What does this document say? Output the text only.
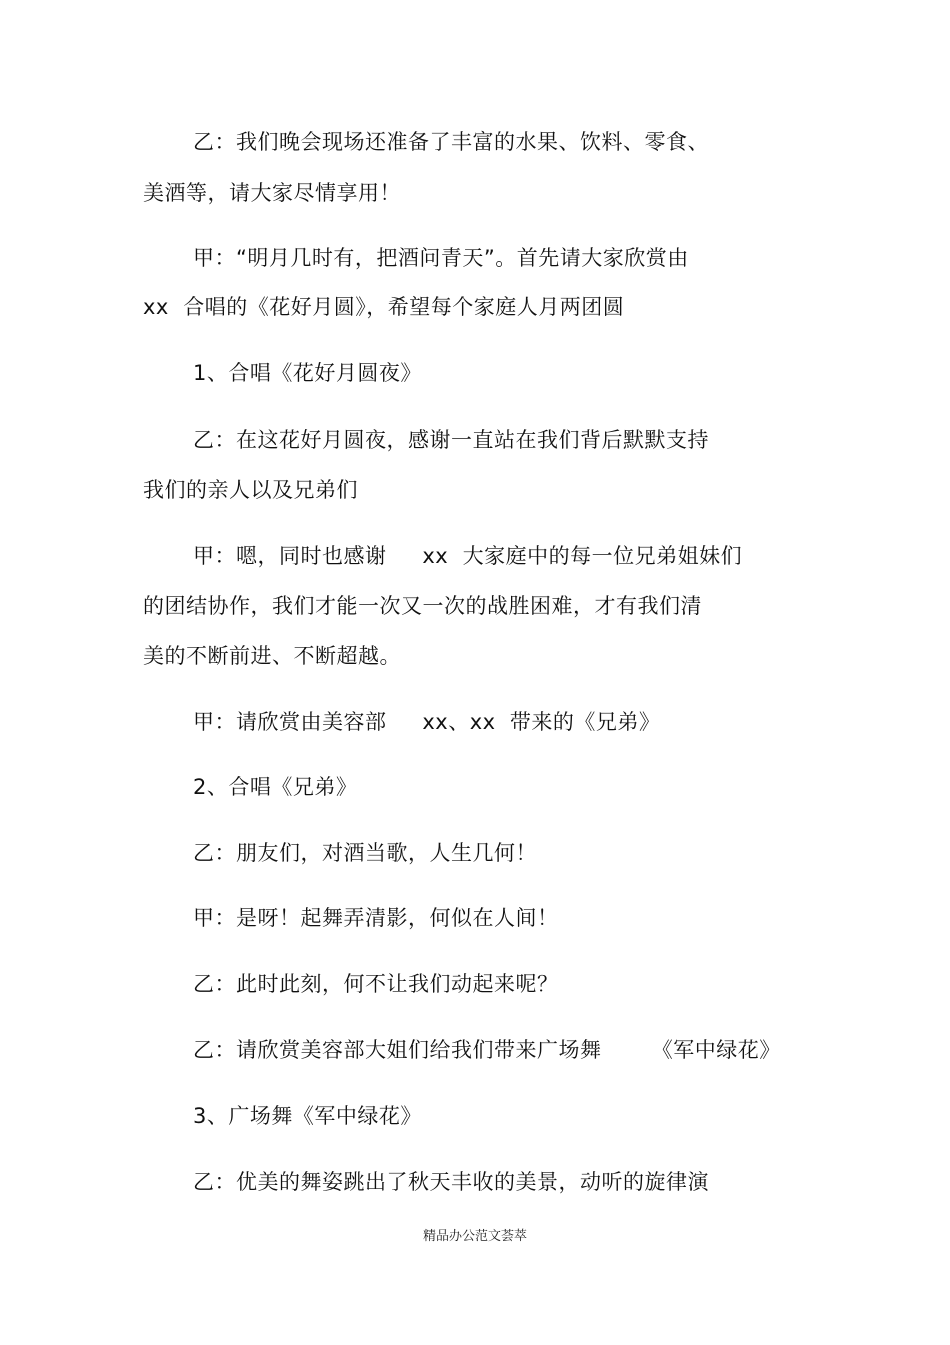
乙：我们晚会现场还准备了丰富的水果、饮料、零食、
美酒等，请大家尽情享用！
甲：“明月几时有，把酒问青天”。首先请大家欣赏由
xx  合唱的《花好月圆》，希望每个家庭人月两团圆
1、合唱《花好月圆夜》
乙：在这花好月圆夜，感谢一直站在我们背后默默支持
我们的亲人以及兄弟们
甲：嗯，同时也感谢     xx  大家庭中的每一位兄弟姐妹们
的团结协作，我们才能一次又一次的战胜困难，才有我们清
美的不断前进、不断超越。
甲：请欣赏由美容部     xx、xx  带来的《兄弟》
2、合唱《兄弟》
乙：朋友们，对酒当歌，人生几何！
甲：是呀！起舞弄清影，何似在人间！
乙：此时此刻，何不让我们动起来呢？
乙：请欣赏美容部大姐们给我们带来广场舞       《军中绿花》
3、广场舞《军中绿花》
乙：优美的舞姿跳出了秋天丰收的美景，动听的旋律演
精品办公范文荟萃
